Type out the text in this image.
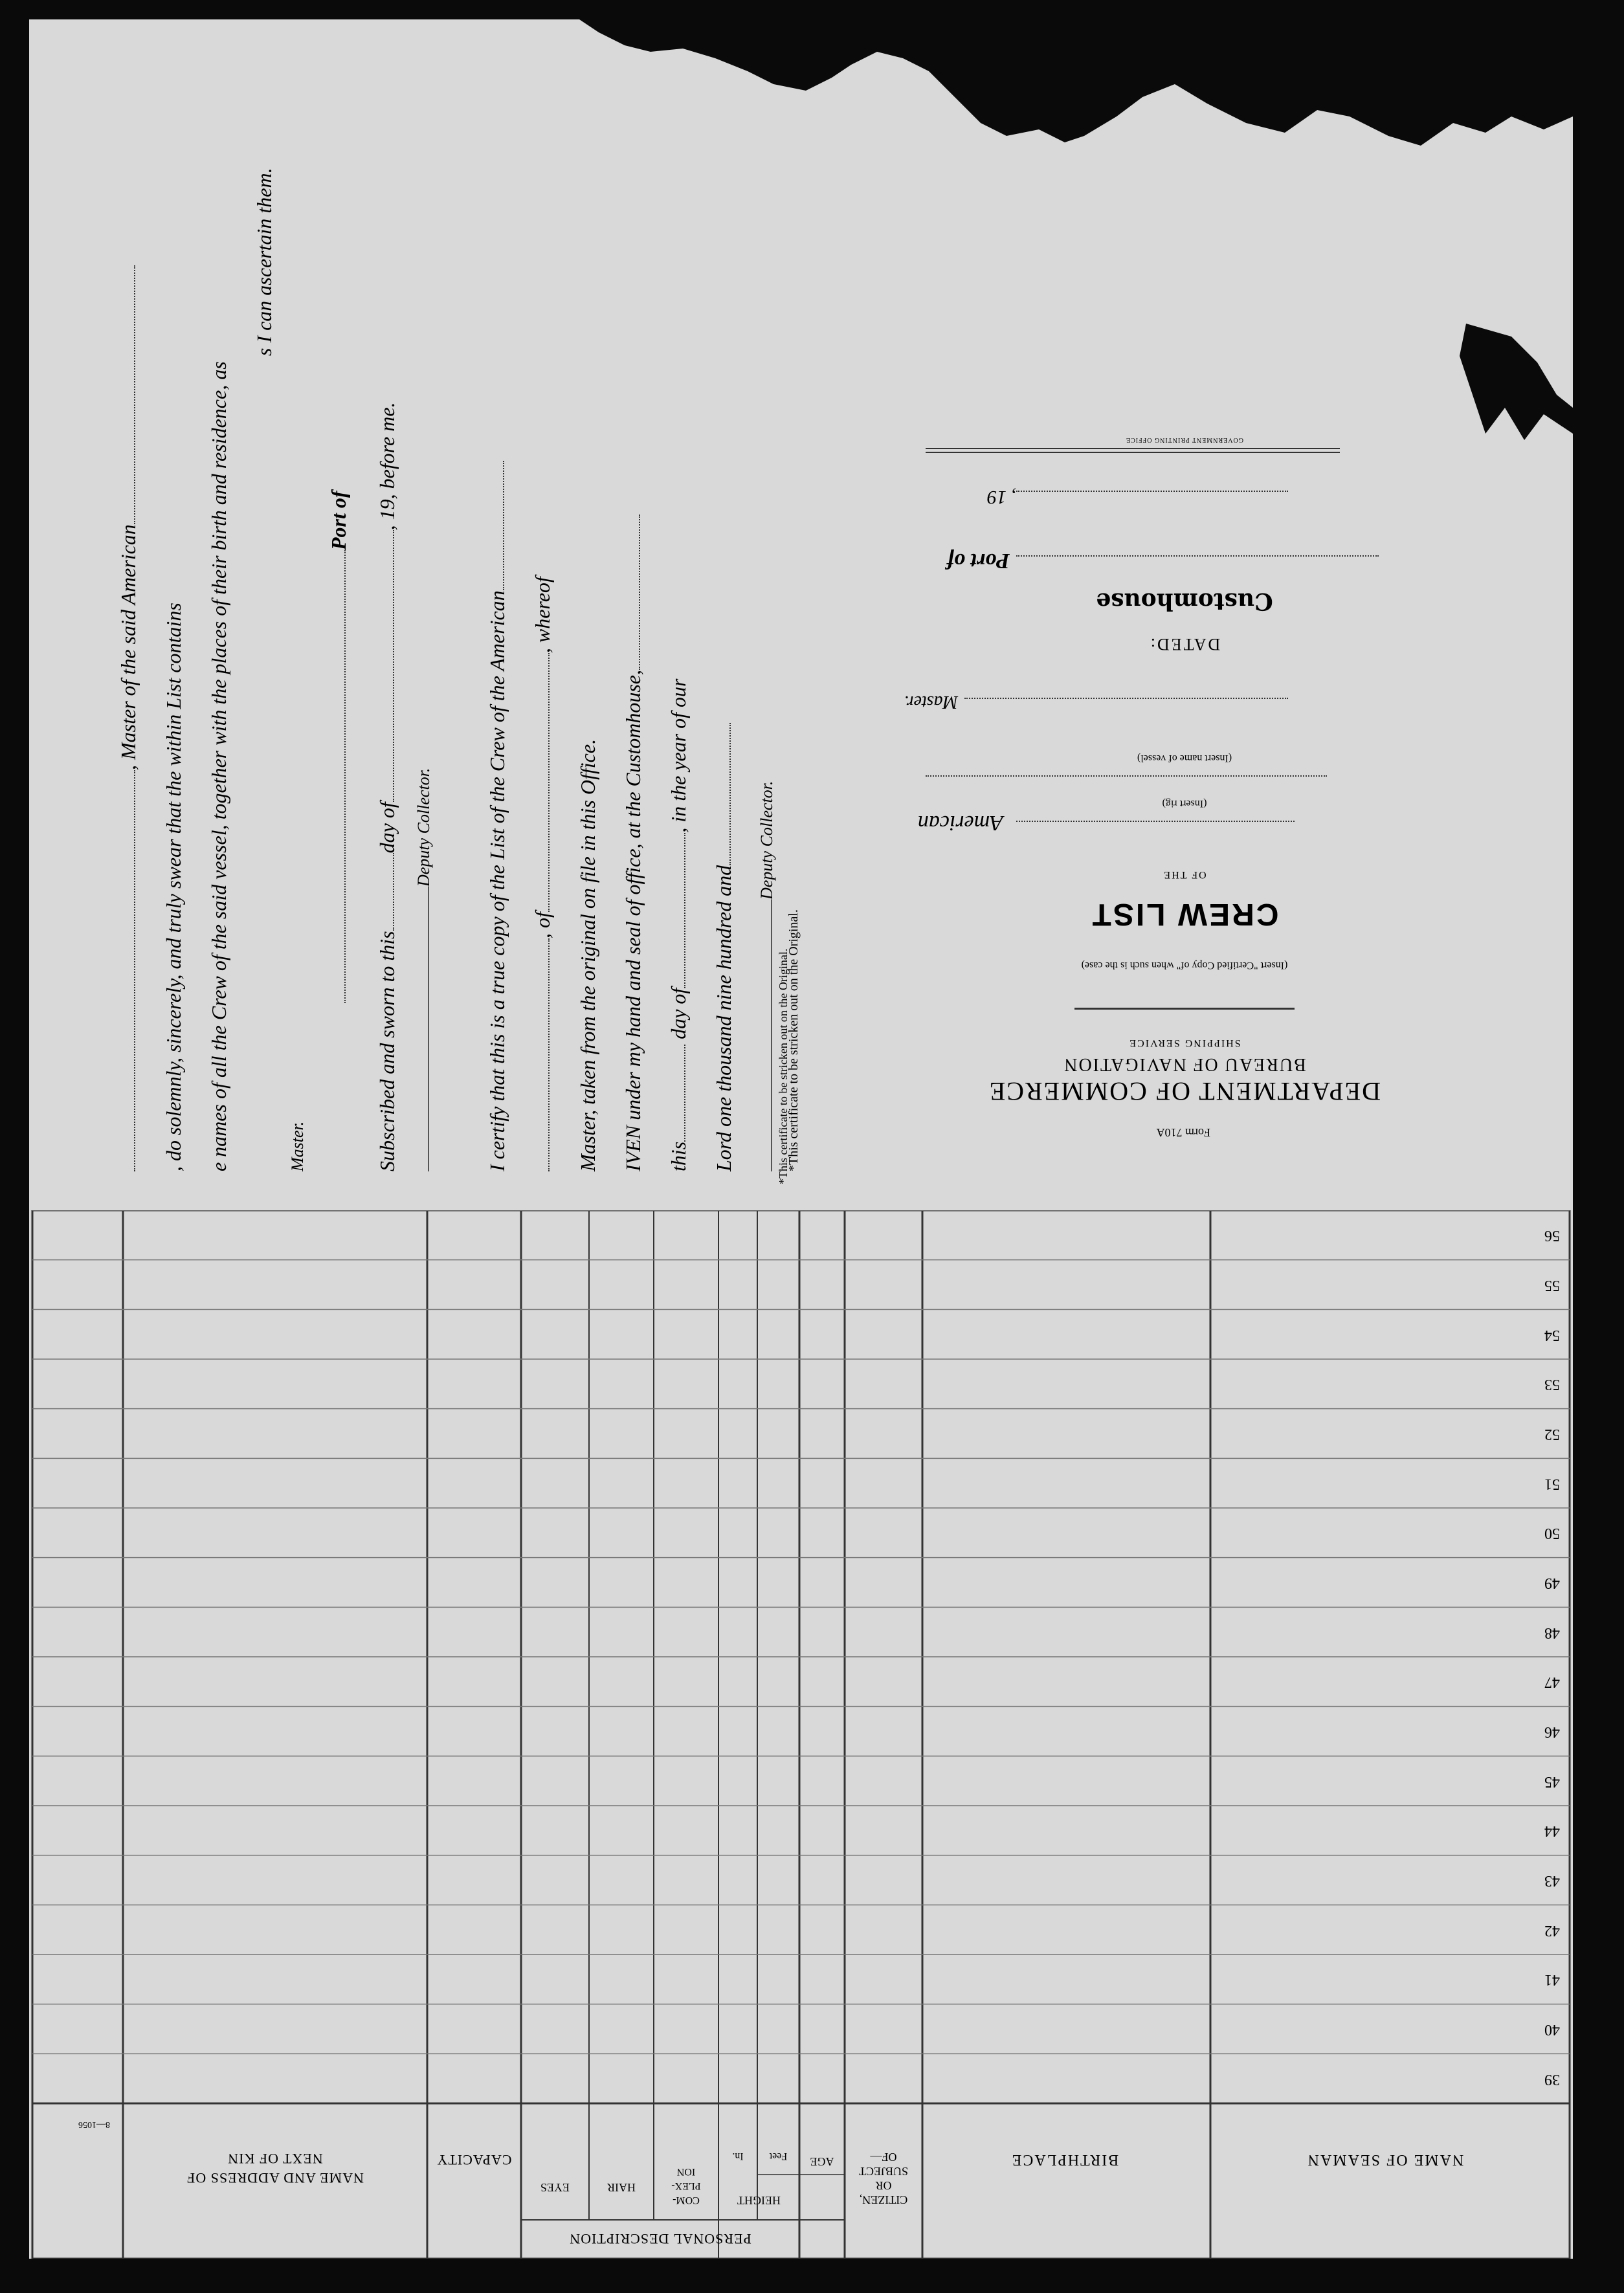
NAME OF SEAMAN
BIRTHPLACE
CITIZEN,
OR
SUBJECT
OF—
AGE
PERSONAL DESCRIPTION
HEIGHT
Feet
In.
COM-
PLEX-
ION
HAIR
EYES
CAPACITY
NAME AND ADDRESS OF
NEXT OF KIN
8—1056
39
40
41
42
43
44
45
46
47
48
49
50
51
52
53
54
55
56
Form 710A
DEPARTMENT OF COMMERCE
BUREAU OF NAVIGATION
SHIPPING SERVICE
(Insert "Certified Copy of" when such is the case)
CREW LIST
OF THE
American
(Insert rig)
(Insert name of vessel)
Master.
DATED:
Customhouse
Port of
, 19
GOVERNMENT PRINTING OFFICE
*This certificate to be stricken out on the Original.
Lord one thousand nine hundred and
this day of, in the year of our
IVEN under my hand and seal of office, at the Customhouse,
Master, taken from the original on file in this Office.
, of, whereof
I certify that this is a true copy of the List of the Crew of the American	Deputy Collector.
*This certificate to be stricken out on the Original.
Deputy Collector.
Subscribed and sworn to thisday of, 19, before me.
Port of
Master.
s I can ascertain them.
e names of all the Crew of the said vessel, together with the places of their birth and residence, as
, do solemnly, sincerely, and truly swear that the within List contains
, Master of the said American
